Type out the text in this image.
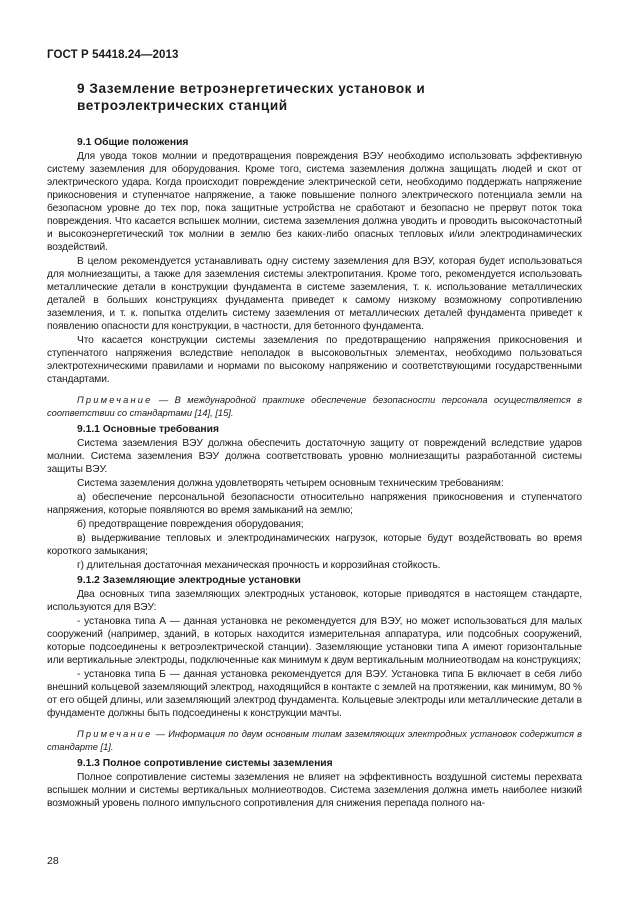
ГОСТ Р 54418.24—2013
9 Заземление ветроэнергетических установок и
ветроэлектрических станций
9.1 Общие положения

Для увода токов молнии и предотвращения повреждения ВЭУ необходимо использовать эффективную систему заземления для оборудования. Кроме того, система заземления должна защищать людей и скот от электрического удара. Когда происходит повреждение электрической сети, необходимо поддержать напряжение прикосновения и ступенчатое напряжение, а также повышение полного электрического потенциала земли на безопасном уровне до тех пор, пока защитные устройства не сработают и безопасно не прервут поток тока повреждения. Что касается вспышек молнии, система заземления должна уводить и проводить высокочастотный и высокоэнергетический ток молнии в землю без каких-либо опасных тепловых и/или электродинамических воздействий.

В целом рекомендуется устанавливать одну систему заземления для ВЭУ, которая будет использоваться для молниезащиты, а также для заземления системы электропитания. Кроме того, рекомендуется использовать металлические детали в конструкции фундамента в системе заземления, т. к. использование металлических деталей в больших конструкциях фундамента приведет к самому низкому возможному сопротивлению заземления, и т. к. попытка отделить систему заземления от металлических деталей фундамента приведет к появлению опасности для конструкции, в частности, для бетонного фундамента.

Что касается конструкции системы заземления по предотвращению напряжения прикосновения и ступенчатого напряжения вследствие неполадок в высоковольтных элементах, необходимо пользоваться электротехническими правилами и нормами по высокому напряжению и соответствующими государственными стандартами.

Примечание — В международной практике обеспечение безопасности персонала осуществляется в соответствии со стандартами [14], [15].

9.1.1 Основные требования

Система заземления ВЭУ должна обеспечить достаточную защиту от повреждений вследствие ударов молнии. Система заземления ВЭУ должна соответствовать уровню молниезащиты разработанной системы защиты ВЭУ.

Система заземления должна удовлетворять четырем основным техническим требованиям:

а) обеспечение персональной безопасности относительно напряжения прикосновения и ступенчатого напряжения, которые появляются во время замыканий на землю;

б) предотвращение повреждения оборудования;

в) выдерживание тепловых и электродинамических нагрузок, которые будут воздействовать во время короткого замыкания;

г) длительная достаточная механическая прочность и коррозийная стойкость.

9.1.2 Заземляющие электродные установки

Два основных типа заземляющих электродных установок, которые приводятся в настоящем стандарте, используются для ВЭУ:

- установка типа А — данная установка не рекомендуется для ВЭУ, но может использоваться для малых сооружений (например, зданий, в которых находится измерительная аппаратура, или подсобных сооружений, которые подсоединены к ветроэлектрической станции). Заземляющие установки типа А имеют горизонтальные или вертикальные электроды, подключенные как минимум к двум вертикальным молниеотводам на конструкциях;

- установка типа Б — данная установка рекомендуется для ВЭУ. Установка типа Б включает в себя либо внешний кольцевой заземляющий электрод, находящийся в контакте с землей на протяжении, как минимум, 80 % от его общей длины, или заземляющий электрод фундамента. Кольцевые электроды или металлические детали в фундаменте должны быть подсоединены к конструкции мачты.

Примечание — Информация по двум основным типам заземляющих электродных установок содержится в стандарте [1].

9.1.3 Полное сопротивление системы заземления

Полное сопротивление системы заземления не влияет на эффективность воздушной системы перехвата вспышек молнии и системы вертикальных молниеотводов. Система заземления должна иметь наиболее низкий возможный уровень полного импульсного сопротивления для снижения перепада полного на-

28
